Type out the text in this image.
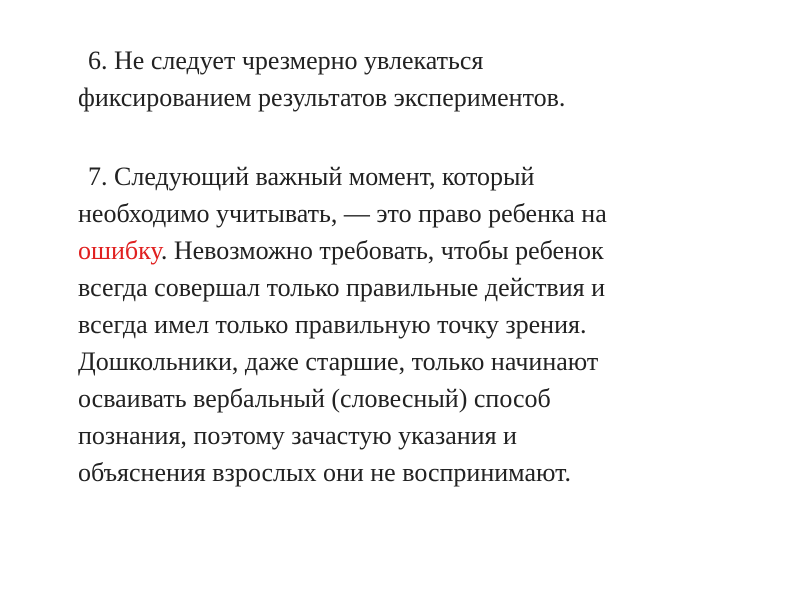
6. Не следует чрезмерно увлекаться
фиксированием результатов экспериментов.

7. Следующий важный момент, который
необходимо учитывать, — это право ребенка на
ошибку. Невозможно требовать, чтобы ребенок
всегда совершал только правильные действия и
всегда имел только правильную точку зрения.
Дошкольники, даже старшие, только начинают
осваивать вербальный (словесный) способ
познания, поэтому зачастую указания и
объяснения взрослых они не воспринимают.
